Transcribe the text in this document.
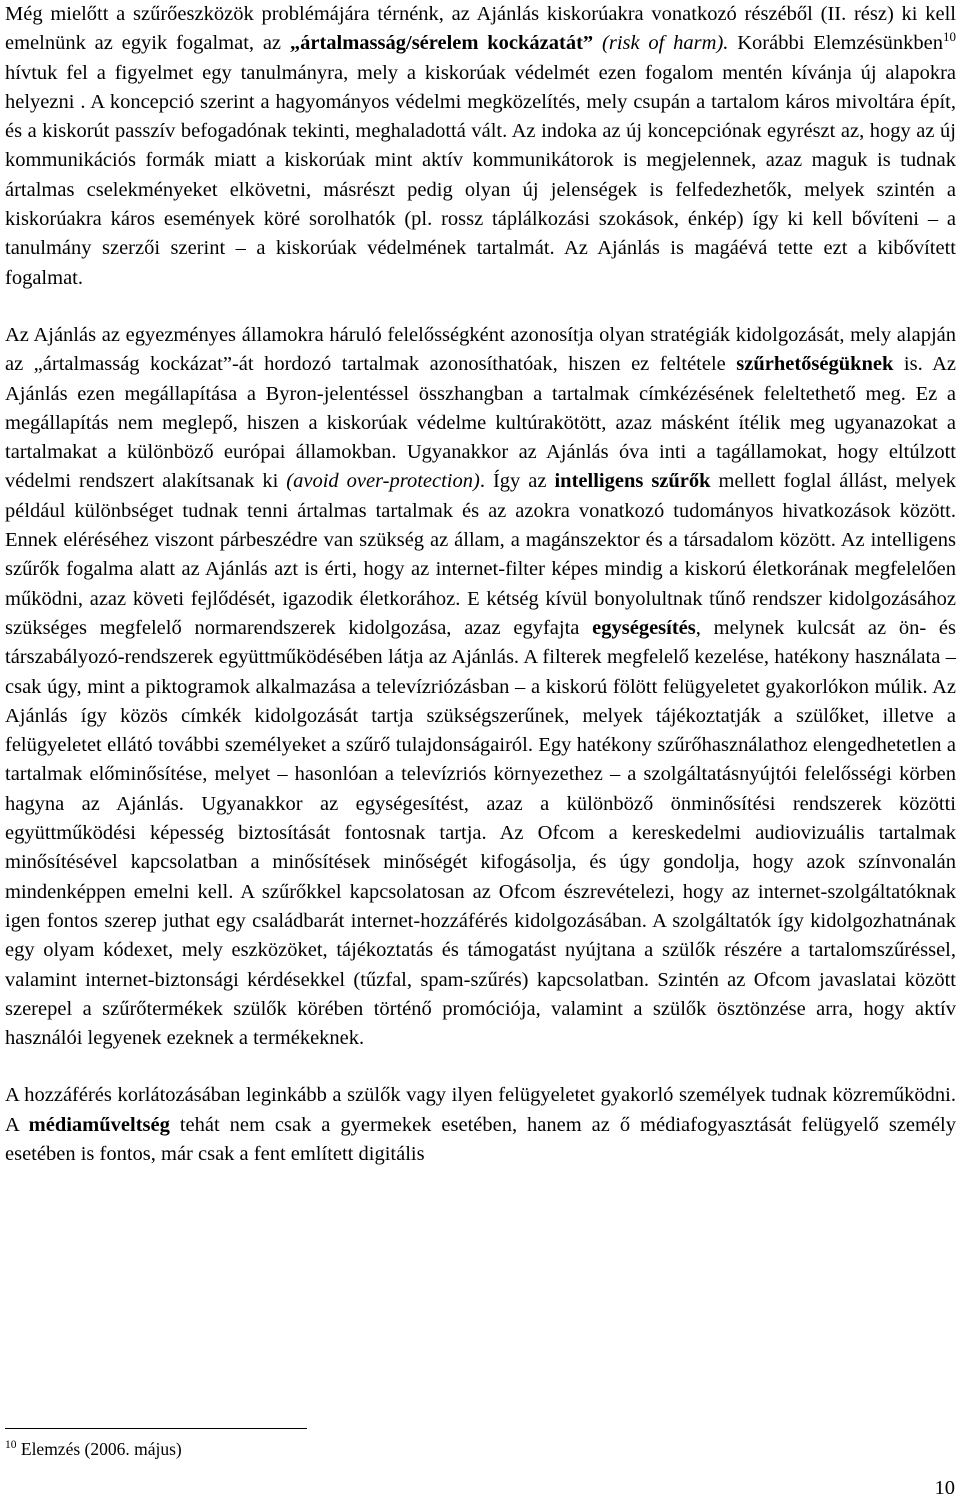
Még mielőtt a szűrőeszközök problémájára térnénk, az Ajánlás kiskorúakra vonatkozó részéből (II. rész) ki kell emelnünk az egyik fogalmat, az „ártalmasság/sérelem kockázatát” (risk of harm). Korábbi Elemzésünkben$^{10}$ hívtuk fel a figyelmet egy tanulmányra, mely a kiskorúak védelmét ezen fogalom mentén kívánja új alapokra helyezni . A koncepció szerint a hagyományos védelmi megközelítés, mely csupán a tartalom káros mivoltára épít, és a kiskorút passzív befogadónak tekinti, meghaladottá vált. Az indoka az új koncepciónak egyrészt az, hogy az új kommunikációs formák miatt a kiskorúak mint aktív kommunikátorok is megjelennek, azaz maguk is tudnak ártalmas cselekményeket elkövetni, másrészt pedig olyan új jelenségek is felfedezhetők, melyek szintén a kiskorúakra káros események köré sorolhatók (pl. rossz táplálkozási szokások, énkép) így ki kell bővíteni – a tanulmány szerzői szerint – a kiskorúak védelmének tartalmát. Az Ajánlás is magáévá tette ezt a kibővített fogalmat.

Az Ajánlás az egyezményes államokra háruló felelősségként azonosítja olyan stratégiák kidolgozását, mely alapján az „ártalmasság kockázat”-át hordozó tartalmak azonosíthatóak, hiszen ez feltétele szűrhetőségüknek is. Az Ajánlás ezen megállapítása a Byron-jelentéssel összhangban a tartalmak címkézésének feleltethető meg. Ez a megállapítás nem meglepő, hiszen a kiskorúak védelme kultúrakötött, azaz másként ítélik meg ugyanazokat a tartalmakat a különböző európai államokban. Ugyanakkor az Ajánlás óva inti a tagállamokat, hogy eltúlzott védelmi rendszert alakítsanak ki (avoid over-protection). Így az intelligens szűrők mellett foglal állást, melyek például különbséget tudnak tenni ártalmas tartalmak és az azokra vonatkozó tudományos hivatkozások között. Ennek eléréséhez viszont párbeszédre van szükség az állam, a magánszektor és a társadalom között. Az intelligens szűrők fogalma alatt az Ajánlás azt is érti, hogy az internet-filter képes mindig a kiskorú életkorának megfelelően működni, azaz követi fejlődését, igazodik életkorához. E kétség kívül bonyolultnak tűnő rendszer kidolgozásához szükséges megfelelő normarendszerek kidolgozása, azaz egyfajta egységesítés, melynek kulcsát az ön- és társzabályozó-rendszerek együttműködésében látja az Ajánlás. A filterek megfelelő kezelése, hatékony használata – csak úgy, mint a piktogramok alkalmazása a televízriózásban – a kiskorú fölött felügyeletet gyakorlókon múlik. Az Ajánlás így közös címkék kidolgozását tartja szükségszerűnek, melyek tájékoztatják a szülőket, illetve a felügyeletet ellátó további személyeket a szűrő tulajdonságairól. Egy hatékony szűrőhasználathoz elengedhetetlen a tartalmak előminősítése, melyet – hasonlóan a televízriós környezethez – a szolgáltatásnyújtói felelősségi körben hagyna az Ajánlás. Ugyanakkor az egységesítést, azaz a különböző önminősítési rendszerek közötti együttműködési képesség biztosítását fontosnak tartja. Az Ofcom a kereskedelmi audiovizuális tartalmak minősítésével kapcsolatban a minősítések minőségét kifogásolja, és úgy gondolja, hogy azok színvonalán mindenképpen emelni kell. A szűrőkkel kapcsolatosan az Ofcom észrevételezi, hogy az internet-szolgáltatóknak igen fontos szerep juthat egy családbarát internet-hozzáférés kidolgozásában. A szolgáltatók így kidolgozhatnának egy olyam kódexet, mely eszközöket, tájékoztatás és támogatást nyújtana a szülők részére a tartalomszűréssel, valamint internet-biztonsági kérdésekkel (tűzfal, spam-szűrés) kapcsolatban. Szintén az Ofcom javaslatai között szerepel a szűrőtermékek szülők körében történő promóciója, valamint a szülők ösztönzése arra, hogy aktív használói legyenek ezeknek a termékeknek.

A hozzáférés korlátozásában leginkább a szülők vagy ilyen felügyeletet gyakorló személyek tudnak közreműködni. A médiaműveltség tehát nem csak a gyermekek esetében, hanem az ő médiafogyasztását felügyelő személy esetében is fontos, már csak a fent említett digitális

$^{10}$ Elemzés (2006. május)
10
